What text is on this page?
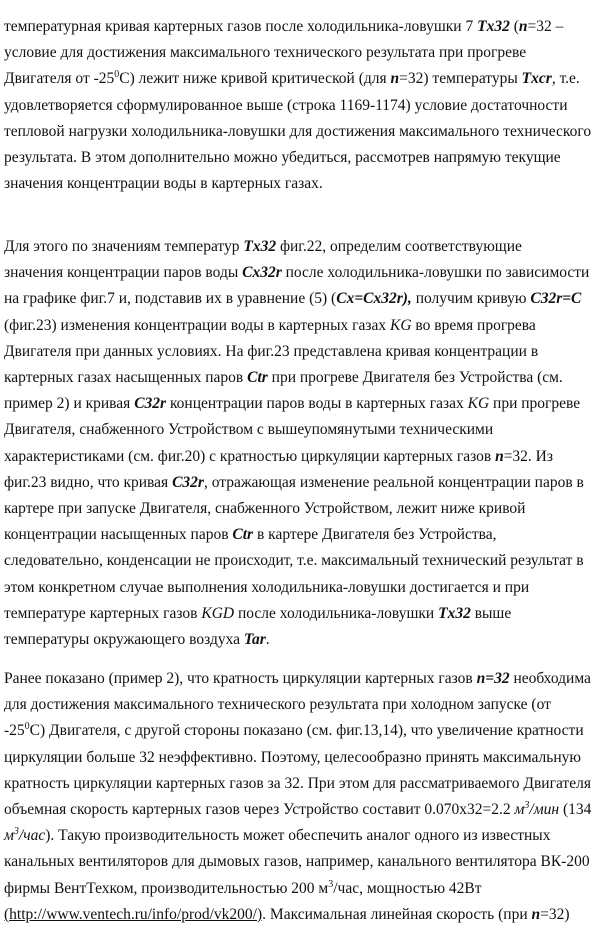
температурная кривая картерных газов после холодильника-ловушки 7 Tx32 (n=32 –
условие для достижения максимального технического результата при прогреве
Двигателя от $-25^0С$) лежит ниже кривой критической (для n=32) температуры Txcr, т.е.
удовлетворяется сформулированное выше (строка 1169-1174) условие достаточности
тепловой нагрузки холодильника-ловушки для достижения максимального технического
результата. В этом дополнительно можно убедиться, рассмотрев напрямую текущие
значения концентрации воды в картерных газах.
Для этого по значениям температур Tx32 фиг.22, определим соответствующие
значения концентрации паров воды Cx32r после холодильника-ловушки по зависимости
на графике фиг.7 и, подставив их в уравнение (5) (Cx=Cx32r), получим кривую C32r=C
(фиг.23) изменения концентрации воды в картерных газах KG во время прогрева
Двигателя при данных условиях. На фиг.23 представлена кривая концентрации в
картерных газах насыщенных паров Ctr при прогреве Двигателя без Устройства (см.
пример 2) и кривая C32r концентрации паров воды в картерных газах KG при прогреве
Двигателя, снабженного Устройством с вышеупомянутыми техническими
характеристиками (см. фиг.20) с кратностью циркуляции картерных газов n=32. Из
фиг.23 видно, что кривая C32r, отражающая изменение реальной концентрации паров в
картере при запуске Двигателя, снабженного Устройством, лежит ниже кривой
концентрации насыщенных паров Ctr в картере Двигателя без Устройства,
следовательно, конденсации не происходит, т.е. максимальный технический результат в
этом конкретном случае выполнения холодильника-ловушки достигается и при
температуре картерных газов KGD после холодильника-ловушки Tx32 выше
температуры окружающего воздуха Tar.
Ранее показано (пример 2), что кратность циркуляции картерных газов n=32 необходима
для достижения максимального технического результата при холодном запуске (от
$-25^0С$) Двигателя, с другой стороны показано (см. фиг.13,14), что увеличение кратности
циркуляции больше 32 неэффективно. Поэтому, целесообразно принять максимальную
кратность циркуляции картерных газов за 32. При этом для рассматриваемого Двигателя
объемная скорость картерных газов через Устройство составит 0.070x32=2.2 $м^3$/мин (134
$м^3/час$). Такую производительность может обеспечить аналог одного из известных
канальных вентиляторов для дымовых газов, например, канального вентилятора ВК-200
фирмы ВентТехком, производительностью 200 $м^3$/час, мощностью 42Вт
(http://www.ventech.ru/info/prod/vk200/). Максимальная линейная скорость (при n=32)
